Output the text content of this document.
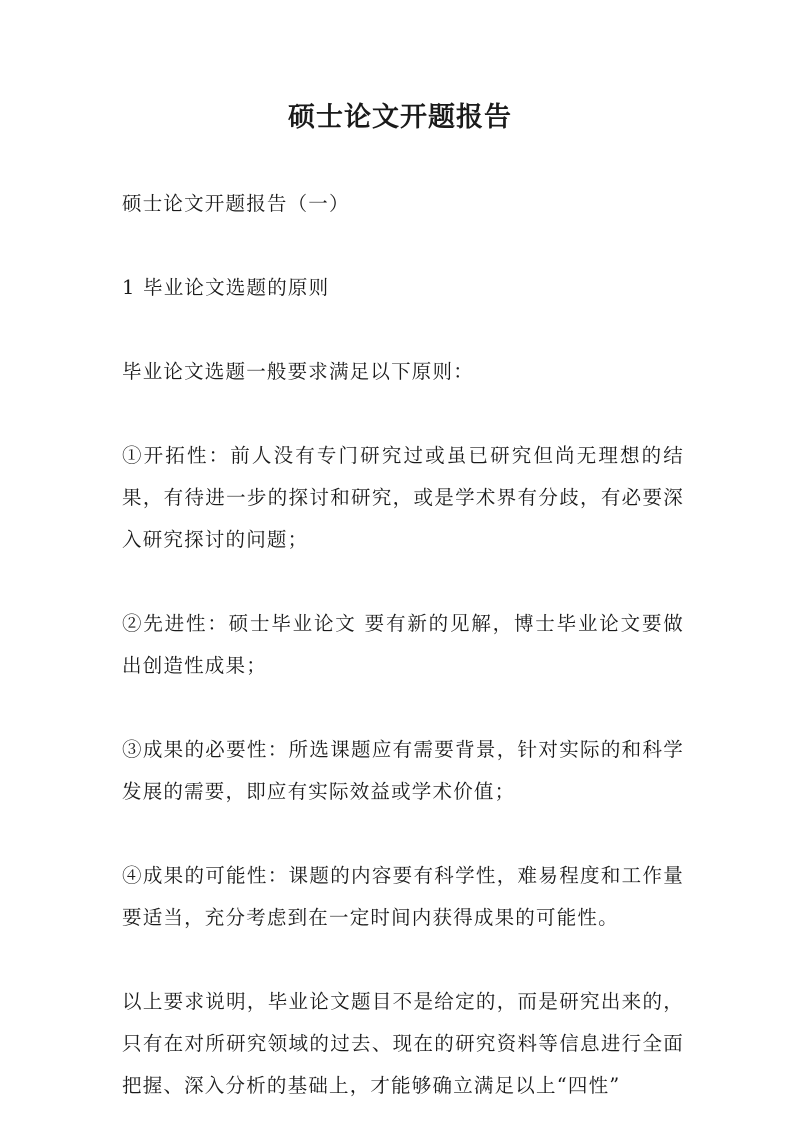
硕士论文开题报告

硕士论文开题报告（一）

1 毕业论文选题的原则

毕业论文选题一般要求满足以下原则：

①开拓性：前人没有专门研究过或虽已研究但尚无理想的结果，有待进一步的探讨和研究，或是学术界有分歧，有必要深入研究探讨的问题；

②先进性：硕士毕业论文 要有新的见解，博士毕业论文要做出创造性成果；

③成果的必要性：所选课题应有需要背景，针对实际的和科学发展的需要，即应有实际效益或学术价值；

④成果的可能性：课题的内容要有科学性，难易程度和工作量要适当，充分考虑到在一定时间内获得成果的可能性。

以上要求说明，毕业论文题目不是给定的，而是研究出来的，只有在对所研究领域的过去、现在的研究资料等信息进行全面把握、深入分析的基础上，才能够确立满足以上“四性”
